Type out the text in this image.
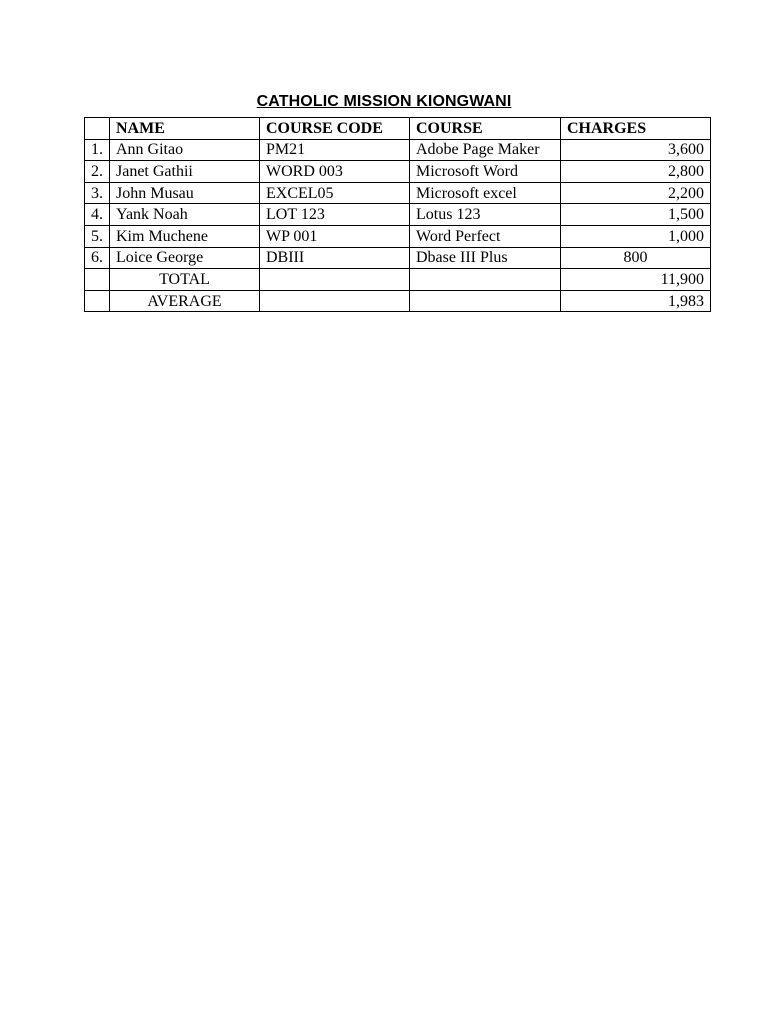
CATHOLIC MISSION KIONGWANI
	NAME	COURSE CODE	COURSE	CHARGES
1.	Ann Gitao	PM21	Adobe Page Maker	3,600
2.	Janet Gathii	WORD 003	Microsoft Word	2,800
3.	John Musau	EXCEL05	Microsoft excel	2,200
4.	Yank Noah	LOT 123	Lotus 123	1,500
5.	Kim Muchene	WP 001	Word Perfect	1,000
6.	Loice George	DBIII	Dbase III Plus	800
	TOTAL			11,900
	AVERAGE			1,983
